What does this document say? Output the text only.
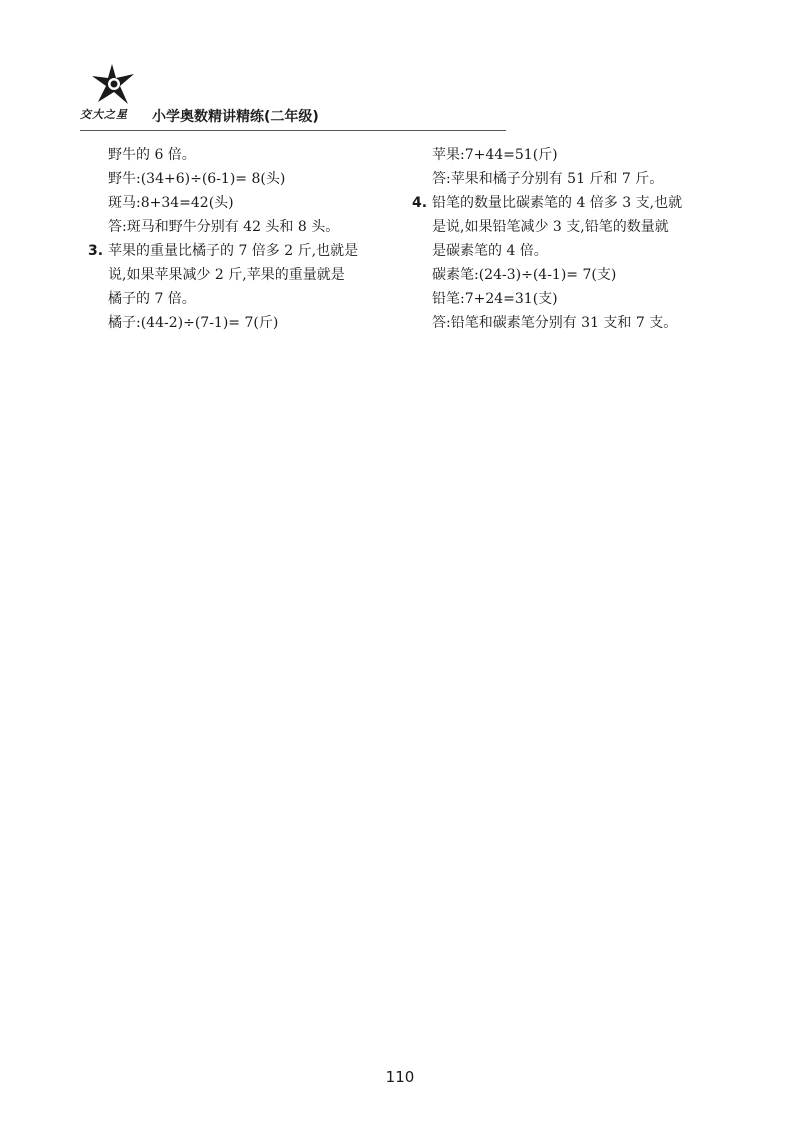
交大之星 小学奥数精讲精练(二年级)
野牛的 6 倍。
野牛:(34+6)÷(6-1)= 8(头)
斑马:8+34=42(头)
答:斑马和野牛分别有 42 头和 8 头。
3. 苹果的重量比橘子的 7 倍多 2 斤,也就是
说,如果苹果减少 2 斤,苹果的重量就是
橘子的 7 倍。
橘子:(44-2)÷(7-1)= 7(斤)
苹果:7+44=51(斤)
答:苹果和橘子分别有 51 斤和 7 斤。
4. 铅笔的数量比碳素笔的 4 倍多 3 支,也就
是说,如果铅笔减少 3 支,铅笔的数量就
是碳素笔的 4 倍。
碳素笔:(24-3)÷(4-1)= 7(支)
铅笔:7+24=31(支)
答:铅笔和碳素笔分别有 31 支和 7 支。
110
